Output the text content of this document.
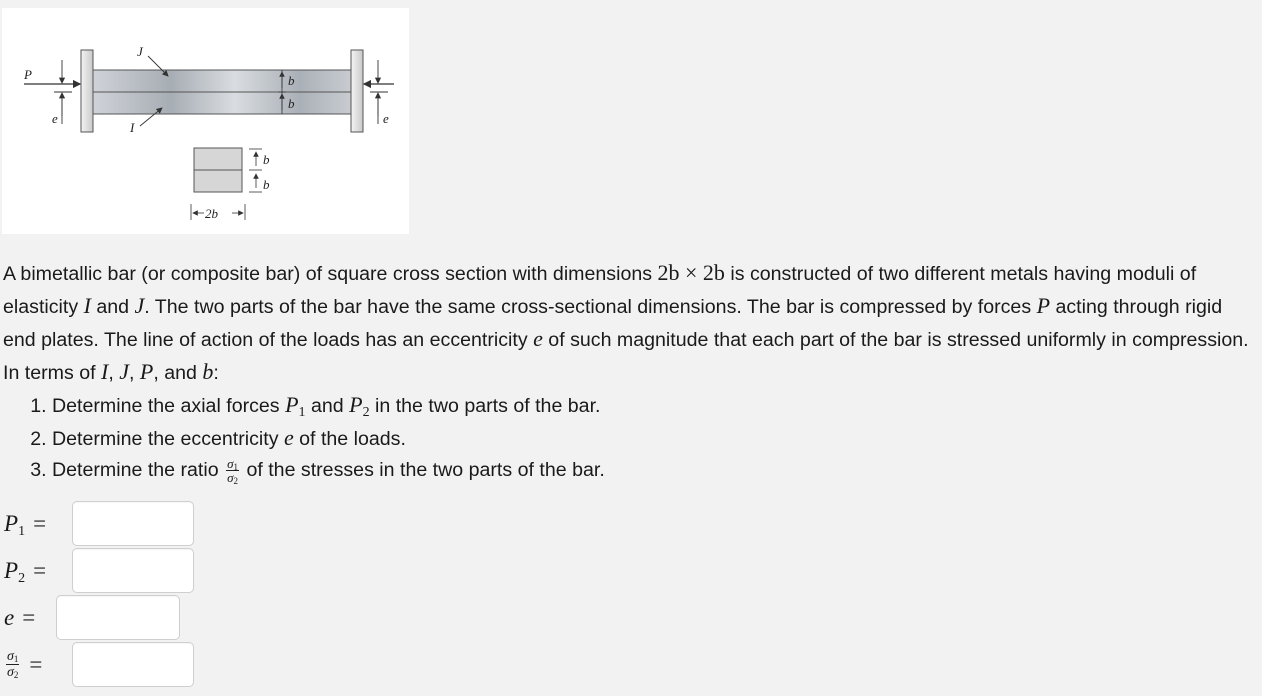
P
e	e
J
I
b
b
b
b
2b

A bimetallic bar (or composite bar) of square cross section with dimensions 2b × 2b is constructed of two different metals having moduli of elasticity I and J. The two parts of the bar have the same cross-sectional dimensions. The bar is compressed by forces P acting through rigid end plates. The line of action of the loads has an eccentricity e of such magnitude that each part of the bar is stressed uniformly in compression. In terms of I, J, P, and b:

1. Determine the axial forces $P_1$ and $P_2$ in the two parts of the bar.
2. Determine the eccentricity e of the loads.
3. Determine the ratio $\frac{\sigma_1}{\sigma_2}$ of the stresses in the two parts of the bar.
$P_1$ =
$P_2$ =
e =
$\frac{\sigma_1}{\sigma_2}$ =
